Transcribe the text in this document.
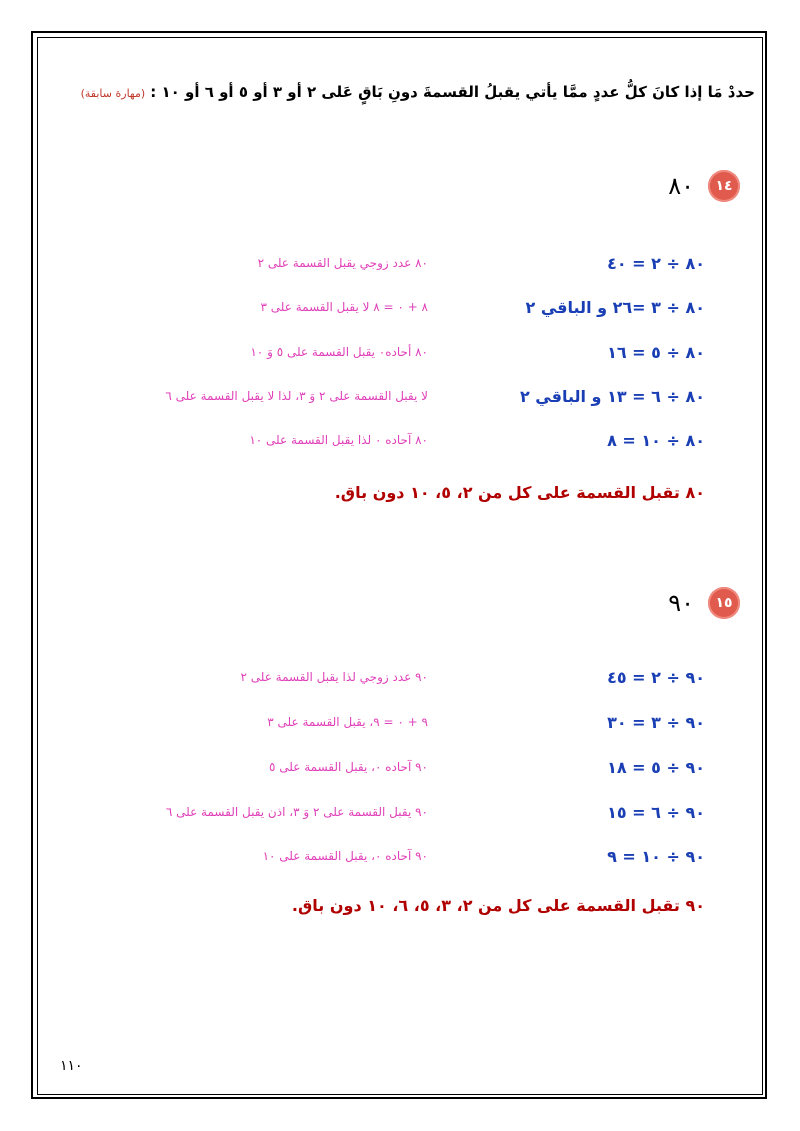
حددْ مَا إذا كانَ كلُّ عددٍ ممَّا يأتي يقبلُ القسمةَ دونِ بَاقٍ عَلى ٢ أو ٣ أو ٥ أو ٦ أو ١٠ : (مهارة سابقة)
١٤
٨٠
٨٠ ÷ ٢ = ٤٠
٨٠ عدد زوجي يقبل القسمة على ٢
٨٠ ÷ ٣ =٢٦ و الباقي ٢
٨ + ٠ = ٨ لا يقبل القسمة على ٣
٨٠ ÷ ٥ = ١٦
٨٠ أحاده٠ يقبل القسمة على ٥ وَ ١٠
٨٠ ÷ ٦ = ١٣ و الباقي ٢
لا يقبل القسمة على ٢ وَ ٣، لذا لا يقبل القسمة على ٦
٨٠ ÷ ١٠ = ٨
٨٠ آحاده ٠ لذا يقبل القسمة على ١٠
٨٠ تقبل القسمة على كل من ٢، ٥، ١٠ دون باق.
١٥
٩٠
٩٠ ÷ ٢ = ٤٥
٩٠ عدد زوجي لذا يقبل القسمة على ٢
٩٠ ÷ ٣ = ٣٠
٩ + ٠ = ٩، يقبل القسمة على ٣
٩٠ ÷ ٥ = ١٨
٩٠ آحاده ٠، يقبل القسمة على ٥
٩٠ ÷ ٦ = ١٥
٩٠ يقبل القسمة على ٢ وَ ٣، اذن يقبل القسمة على ٦
٩٠ ÷ ١٠ = ٩
٩٠ آحاده ٠، يقبل القسمة على ١٠
٩٠ تقبل القسمة على كل من ٢، ٣، ٥، ٦، ١٠ دون باق.
١١٠
